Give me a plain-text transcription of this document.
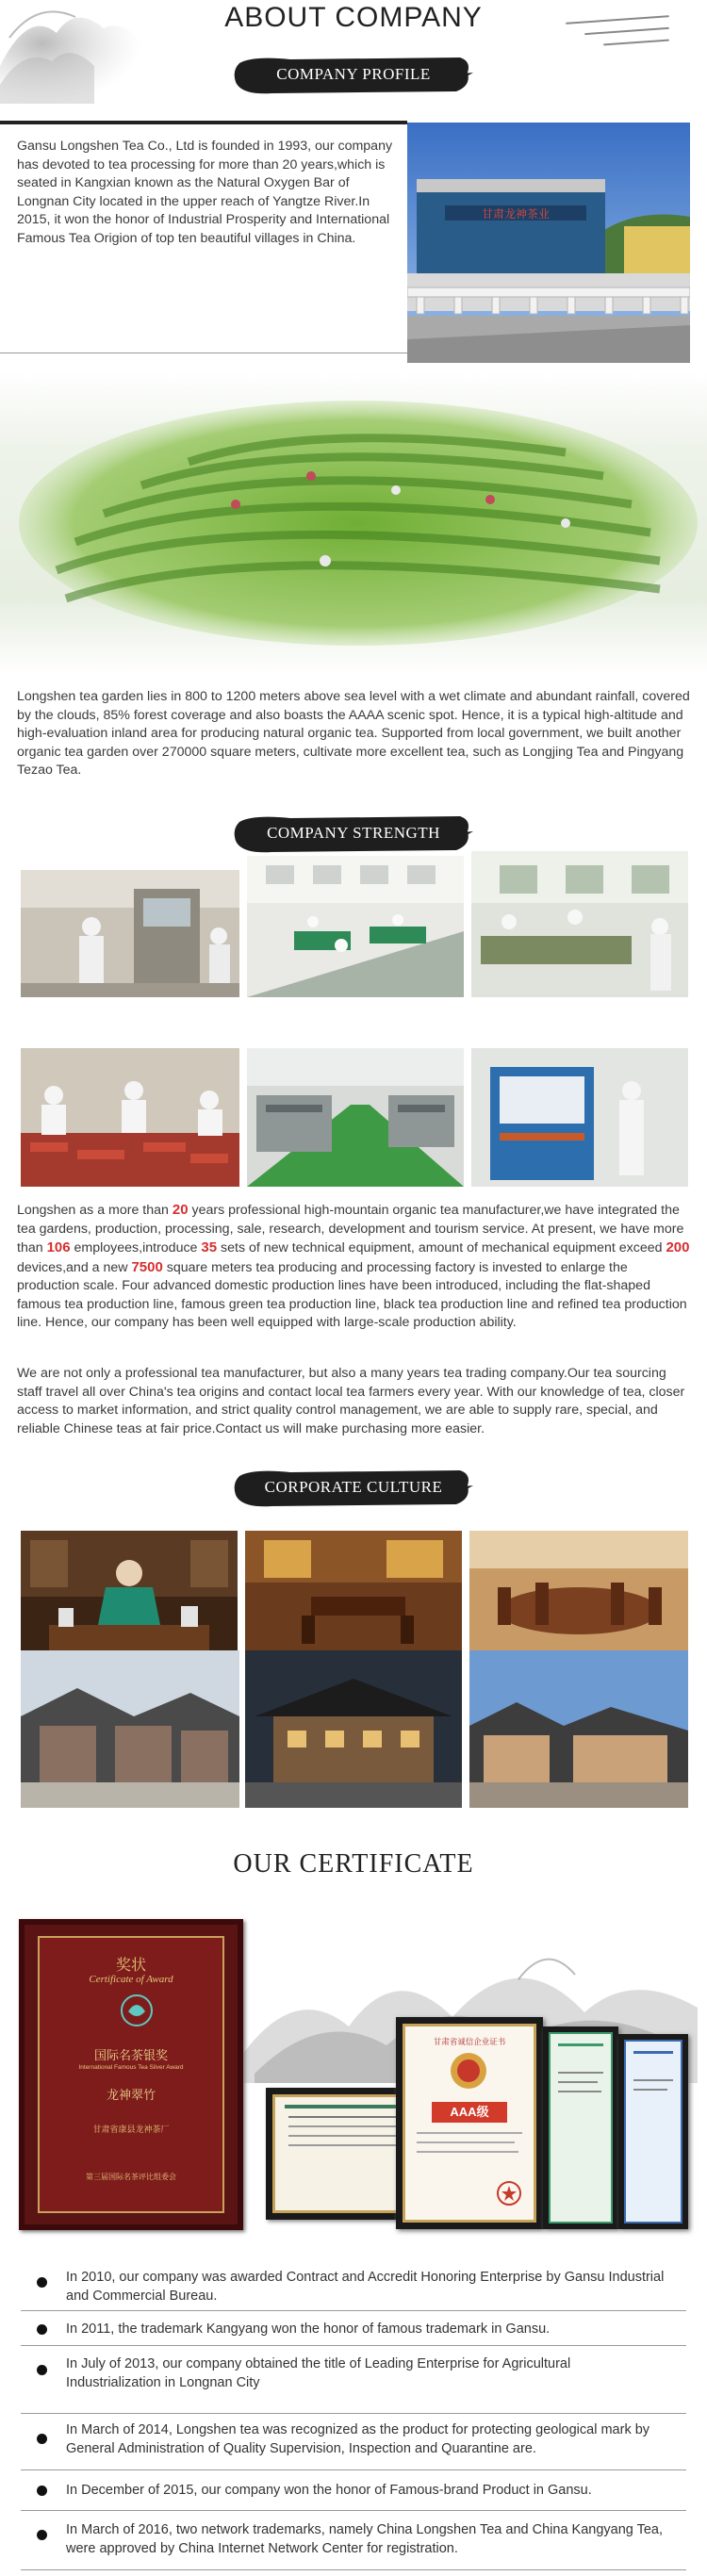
ABOUT COMPANY
COMPANY PROFILE
Gansu Longshen Tea Co., Ltd is founded in 1993, our company has devoted to tea processing for more than 20 years,which is seated in Kangxian known as the Natural Oxygen Bar of Longnan City located in the upper reach of Yangtze River.In 2015, it won the honor of Industrial Prosperity and International Famous Tea Origion of top ten beautiful villages in China.
甘肃龙神茶业
Longshen tea garden lies in 800 to 1200 meters above sea level with a wet climate and abundant rainfall, covered by the clouds, 85% forest coverage and also boasts the AAAA scenic spot. Hence, it is a typical high-altitude and high-evaluation inland area for producing natural organic tea. Supported from local government, we built another organic tea garden over 270000 square meters, cultivate more excellent tea, such as Longjing Tea and Pingyang Tezao Tea.
COMPANY STRENGTH
Longshen as a more than 20 years professional high-mountain organic tea manufacturer,we have integrated the tea gardens, production, processing, sale, research, development and tourism service. At present, we have more than 106 employees,introduce 35 sets of new technical equipment, amount of mechanical equipment exceed 200 devices,and a new 7500 square meters tea producing and processing factory is invested to enlarge the production scale. Four advanced domestic production lines have been introduced, including the flat-shaped famous tea production line, famous green tea production line, black tea production line and refined tea production line. Hence, our company has been well equipped with large-scale production ability.
We are not only a professional tea manufacturer, but also a many years tea trading company.Our tea sourcing staff travel all over China's tea origins and contact local tea farmers every year. With our knowledge of tea, closer access to market information, and strict quality control management, we are able to supply rare, special, and reliable Chinese teas at fair price.Contact us will make purchasing more easier.
CORPORATE CULTURE
OUR CERTIFICATE
奖状
Certificate of Award
国际名茶银奖
International Famous Tea Silver Award
龙神翠竹
甘肃省康县龙神茶厂
第三届国际名茶评比组委会
甘肃省诚信企业证书
AAA级
In 2010, our company was awarded Contract and Accredit Honoring Enterprise by Gansu Industrial and Commercial Bureau.
In 2011, the trademark Kangyang won the honor of famous trademark in Gansu.
In July of 2013, our company obtained the title of Leading Enterprise for Agricultural Industrialization in Longnan City
In March of 2014, Longshen tea was recognized as the product for protecting geological mark by General Administration of Quality Supervision, Inspection and Quarantine are.
In December of 2015, our company won the honor of Famous-brand Product in Gansu.
In March of 2016, two network trademarks, namely China Longshen Tea and China Kangyang Tea, were approved by China Internet Network Center for registration.
